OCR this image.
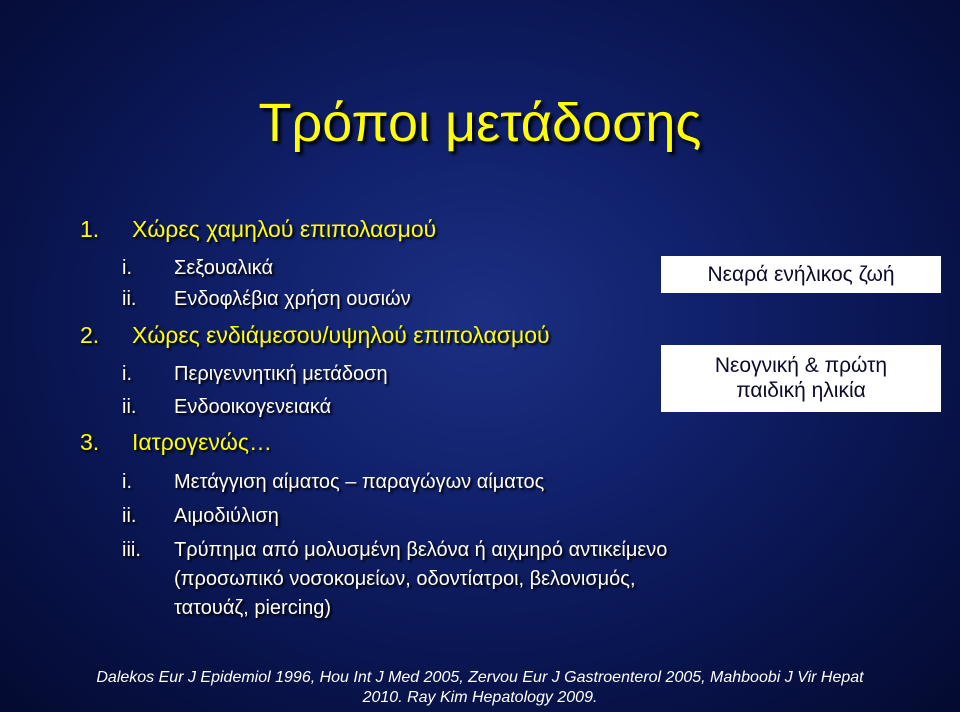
Τρόποι μετάδοσης
1. Χώρες χαμηλού επιπολασμού
i. Σεξουαλικά
ii. Ενδοφλέβια χρήση ουσιών
2. Χώρες ενδιάμεσου/υψηλού επιπολασμού
i. Περιγεννητική μετάδοση
ii. Ενδοοικογενειακά
3. Ιατρογενώς…
i. Μετάγγιση αίματος – παραγώγων αίματος
ii. Αιμοδιύλιση
iii. Τρύπημα από μολυσμένη βελόνα ή αιχμηρό αντικείμενο
(προσωπικό νοσοκομείων, οδοντίατροι, βελονισμός,
τατουάζ, piercing)
Νεαρά ενήλικος ζωή
Νεογνική & πρώτη
παιδική ηλικία
Dalekos Eur J Epidemiol 1996, Hou Int J Med 2005, Zervou Eur J Gastroenterol 2005, Mahboobi J Vir Hepat
2010. Ray Kim Hepatology 2009.
